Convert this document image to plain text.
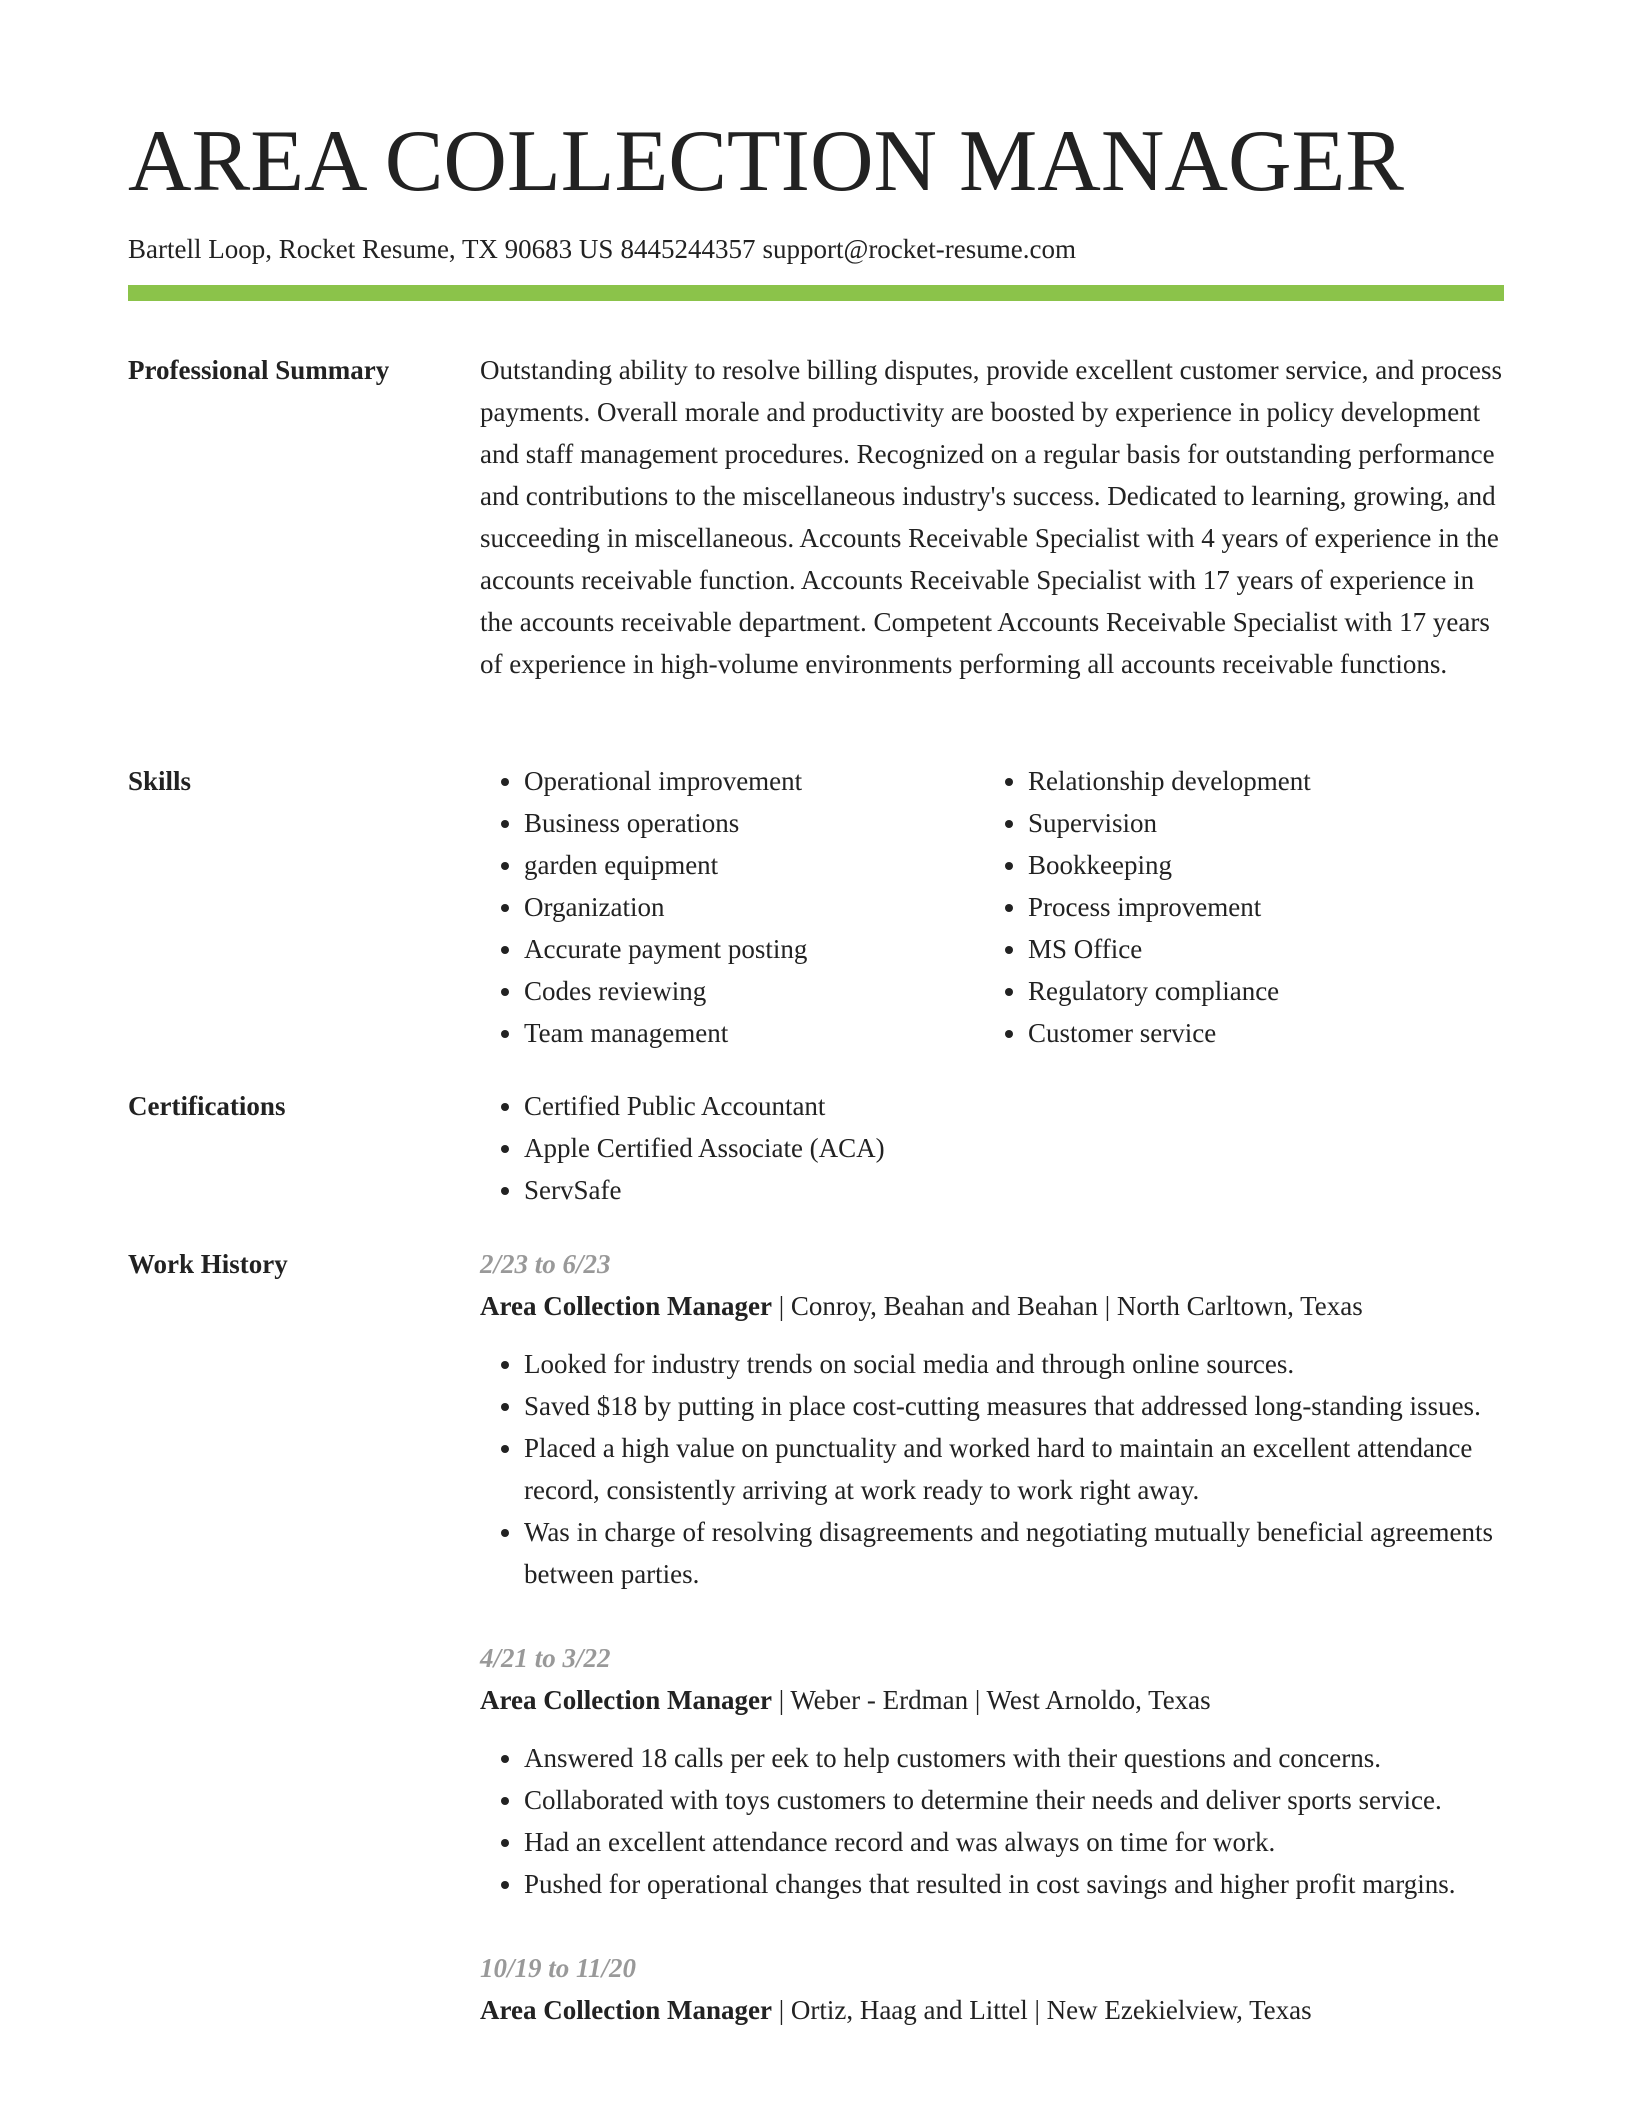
AREA COLLECTION MANAGER
Bartell Loop, Rocket Resume, TX 90683 US 8445244357 support@rocket-resume.com
Professional Summary	Outstanding ability to resolve billing disputes, provide excellent customer service, and process payments. Overall morale and productivity are boosted by experience in policy development and staff management procedures. Recognized on a regular basis for outstanding performance and contributions to the miscellaneous industry's success. Dedicated to learning, growing, and succeeding in miscellaneous. Accounts Receivable Specialist with 4 years of experience in the accounts receivable function. Accounts Receivable Specialist with 17 years of experience in the accounts receivable department. Competent Accounts Receivable Specialist with 17 years of experience in high-volume environments performing all accounts receivable functions.

Skills	• Operational improvement
• Business operations
• garden equipment
• Organization
• Accurate payment posting
• Codes reviewing
• Team management
• Relationship development
• Supervision
• Bookkeeping
• Process improvement
• MS Office
• Regulatory compliance
• Customer service
Certifications	• Certified Public Accountant
• Apple Certified Associate (ACA)
• ServSafe
Work History	2/23 to 6/23
Area Collection Manager | Conroy, Beahan and Beahan | North Carltown, Texas
• Looked for industry trends on social media and through online sources.
• Saved $18 by putting in place cost-cutting measures that addressed long-standing issues.
• Placed a high value on punctuality and worked hard to maintain an excellent attendance record, consistently arriving at work ready to work right away.
• Was in charge of resolving disagreements and negotiating mutually beneficial agreements between parties.
4/21 to 3/22
Area Collection Manager | Weber - Erdman | West Arnoldo, Texas
• Answered 18 calls per eek to help customers with their questions and concerns.
• Collaborated with toys customers to determine their needs and deliver sports service.
• Had an excellent attendance record and was always on time for work.
• Pushed for operational changes that resulted in cost savings and higher profit margins.
10/19 to 11/20
Area Collection Manager | Ortiz, Haag and Littel | New Ezekielview, Texas
